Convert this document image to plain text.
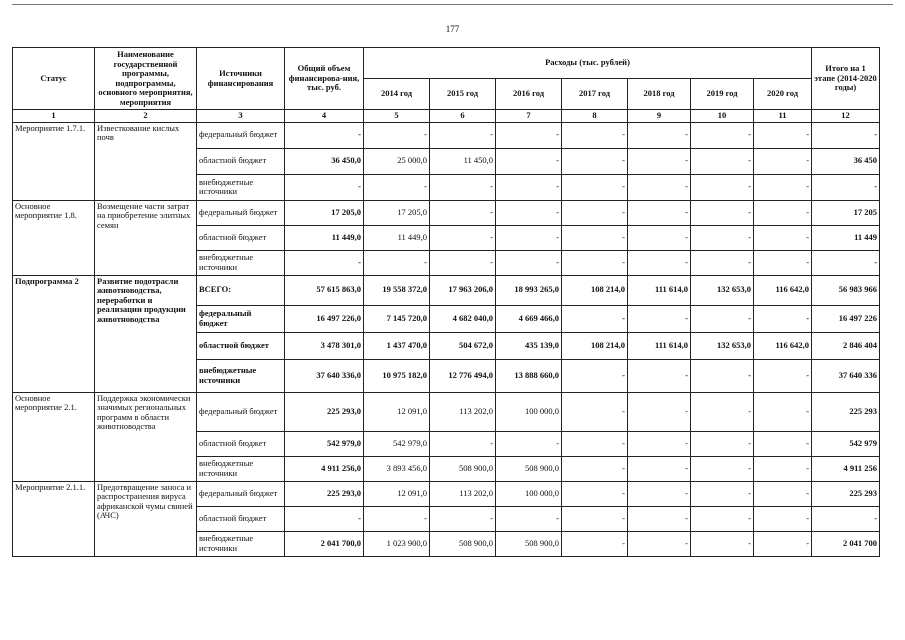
177
Статус	Наименование государственной программы, подпрограммы, основного мероприятия, мероприятия	Источники финансирования	Общий объем финансирова-ния, тыс. руб.	Расходы (тыс. рублей)							Итого на 1 этапе (2014-2020 годы)
				2014 год	2015 год	2016 год	2017 год	2018 год	2019 год	2020 год	
1	2	3	4	5	6	7	8	9	10	11	12
Мероприятие 1.7.1.	Известкование кислых почв	федеральный бюджет	-	-	-	-	-	-	-	-	-
		областной бюджет	36 450,0	25 000,0	11 450,0	-	-	-	-	-	36 450
		внебюджетные источники	-	-	-	-	-	-	-	-	-
Основное мероприятие 1.8.	Возмещение части затрат на приобретение элитных семян	федеральный бюджет	17 205,0	17 205,0	-	-	-	-	-	-	17 205
		областной бюджет	11 449,0	11 449,0	-	-	-	-	-	-	11 449
		внебюджетные источники	-	-	-	-	-	-	-	-	-
Подпрограмма 2	Развитие подотрасли животноводства, переработки и реализации продукции животноводства	ВСЕГО:	57 615 863,0	19 558 372,0	17 963 206,0	18 993 265,0	108 214,0	111 614,0	132 653,0	116 642,0	56 983 966
		федеральный бюджет	16 497 226,0	7 145 720,0	4 682 040,0	4 669 466,0	-	-	-	-	16 497 226
		областной бюджет	3 478 301,0	1 437 470,0	504 672,0	435 139,0	108 214,0	111 614,0	132 653,0	116 642,0	2 846 404
		внебюджетные источники	37 640 336,0	10 975 182,0	12 776 494,0	13 888 660,0	-	-	-	-	37 640 336
Основное мероприятие 2.1.	Поддержка экономически значимых региональных программ в области животноводства	федеральный бюджет	225 293,0	12 091,0	113 202,0	100 000,0	-	-	-	-	225 293
		областной бюджет	542 979,0	542 979,0	-	-	-	-	-	-	542 979
		внебюджетные источники	4 911 256,0	3 893 456,0	508 900,0	508 900,0	-	-	-	-	4 911 256
Мероприятие 2.1.1.	Предотвращение заноса и распространения вируса африканской чумы свиней (АЧС)	федеральный бюджет	225 293,0	12 091,0	113 202,0	100 000,0	-	-	-	-	225 293
		областной бюджет	-	-	-	-	-	-	-	-	-
		внебюджетные источники	2 041 700,0	1 023 900,0	508 900,0	508 900,0	-	-	-	-	2 041 700
